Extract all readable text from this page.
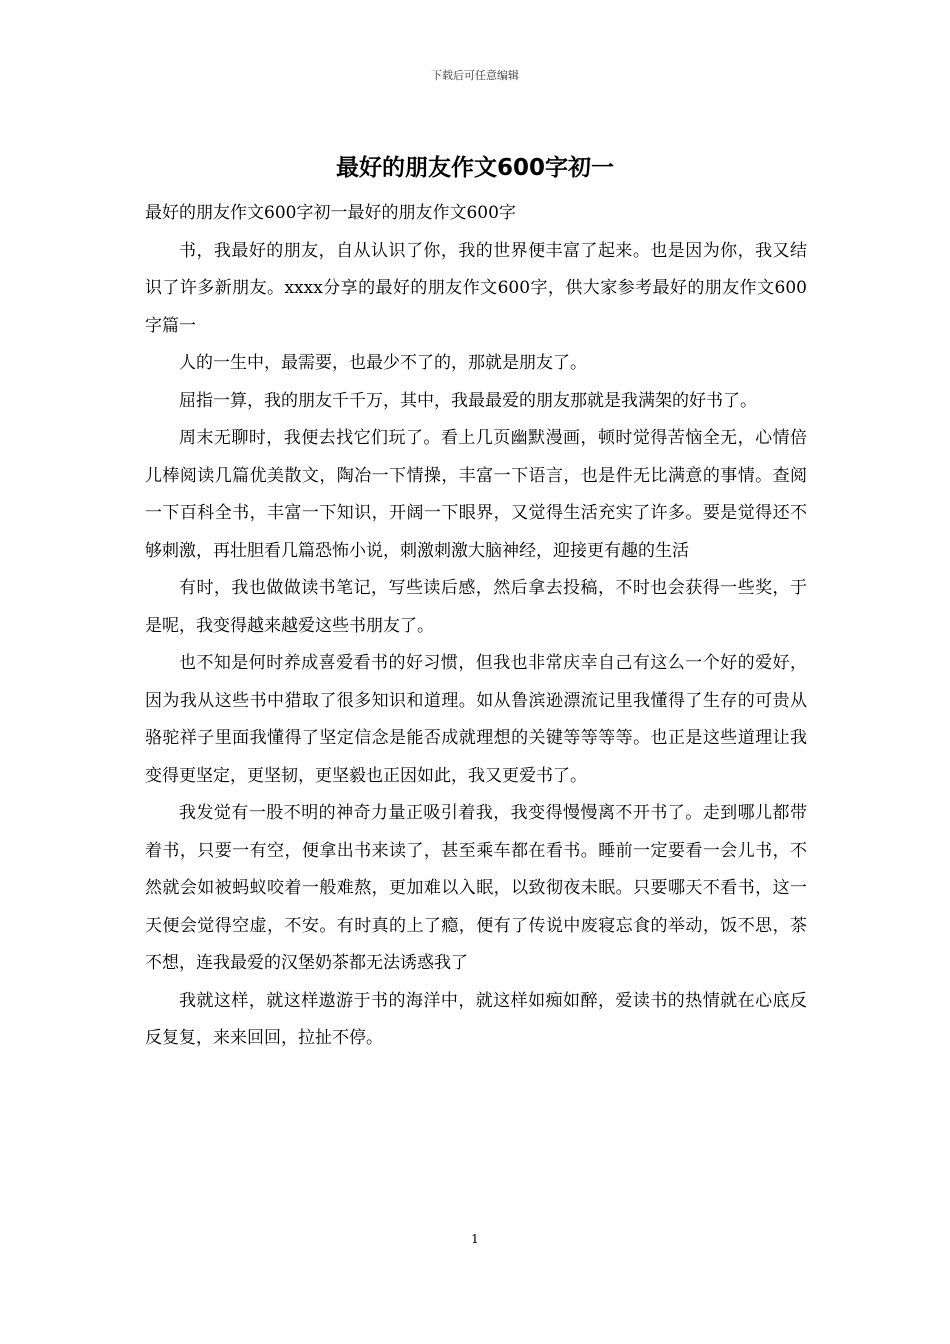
下载后可任意编辑
最好的朋友作文600字初一

最好的朋友作文600字初一最好的朋友作文600字

书，我最好的朋友，自从认识了你，我的世界便丰富了起来。也是因为你，我又结识了许多新朋友。xxxx分享的最好的朋友作文600字，供大家参考最好的朋友作文600字篇一

人的一生中，最需要，也最少不了的，那就是朋友了。

屈指一算，我的朋友千千万，其中，我最最爱的朋友那就是我满架的好书了。

周末无聊时，我便去找它们玩了。看上几页幽默漫画，顿时觉得苦恼全无，心情倍儿棒阅读几篇优美散文，陶冶一下情操，丰富一下语言，也是件无比满意的事情。查阅一下百科全书，丰富一下知识，开阔一下眼界，又觉得生活充实了许多。要是觉得还不够刺激，再壮胆看几篇恐怖小说，刺激刺激大脑神经，迎接更有趣的生活

有时，我也做做读书笔记，写些读后感，然后拿去投稿，不时也会获得一些奖，于是呢，我变得越来越爱这些书朋友了。

也不知是何时养成喜爱看书的好习惯，但我也非常庆幸自己有这么一个好的爱好，因为我从这些书中猎取了很多知识和道理。如从鲁滨逊漂流记里我懂得了生存的可贵从骆驼祥子里面我懂得了坚定信念是能否成就理想的关键等等等等。也正是这些道理让我变得更坚定，更坚韧，更坚毅也正因如此，我又更爱书了。

我发觉有一股不明的神奇力量正吸引着我，我变得慢慢离不开书了。走到哪儿都带着书，只要一有空，便拿出书来读了，甚至乘车都在看书。睡前一定要看一会儿书，不然就会如被蚂蚁咬着一般难熬，更加难以入眠，以致彻夜未眠。只要哪天不看书，这一天便会觉得空虚，不安。有时真的上了瘾，便有了传说中废寝忘食的举动，饭不思，茶不想，连我最爱的汉堡奶茶都无法诱惑我了

我就这样，就这样遨游于书的海洋中，就这样如痴如醉，爱读书的热情就在心底反反复复，来来回回，拉扯不停。

1
